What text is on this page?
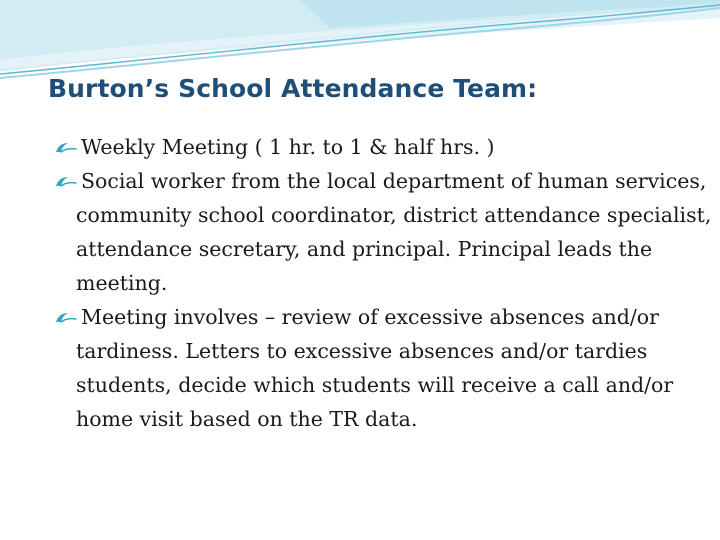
Burton’s School Attendance Team:
Weekly Meeting ( 1 hr. to 1 & half hrs. )
Social worker from the local department of human services, community school coordinator, district attendance specialist, attendance secretary, and principal. Principal leads the meeting.
Meeting involves – review of excessive absences and/or tardiness. Letters to excessive absences and/or tardies students, decide which students will receive a call and/or home visit based on the TR data.
